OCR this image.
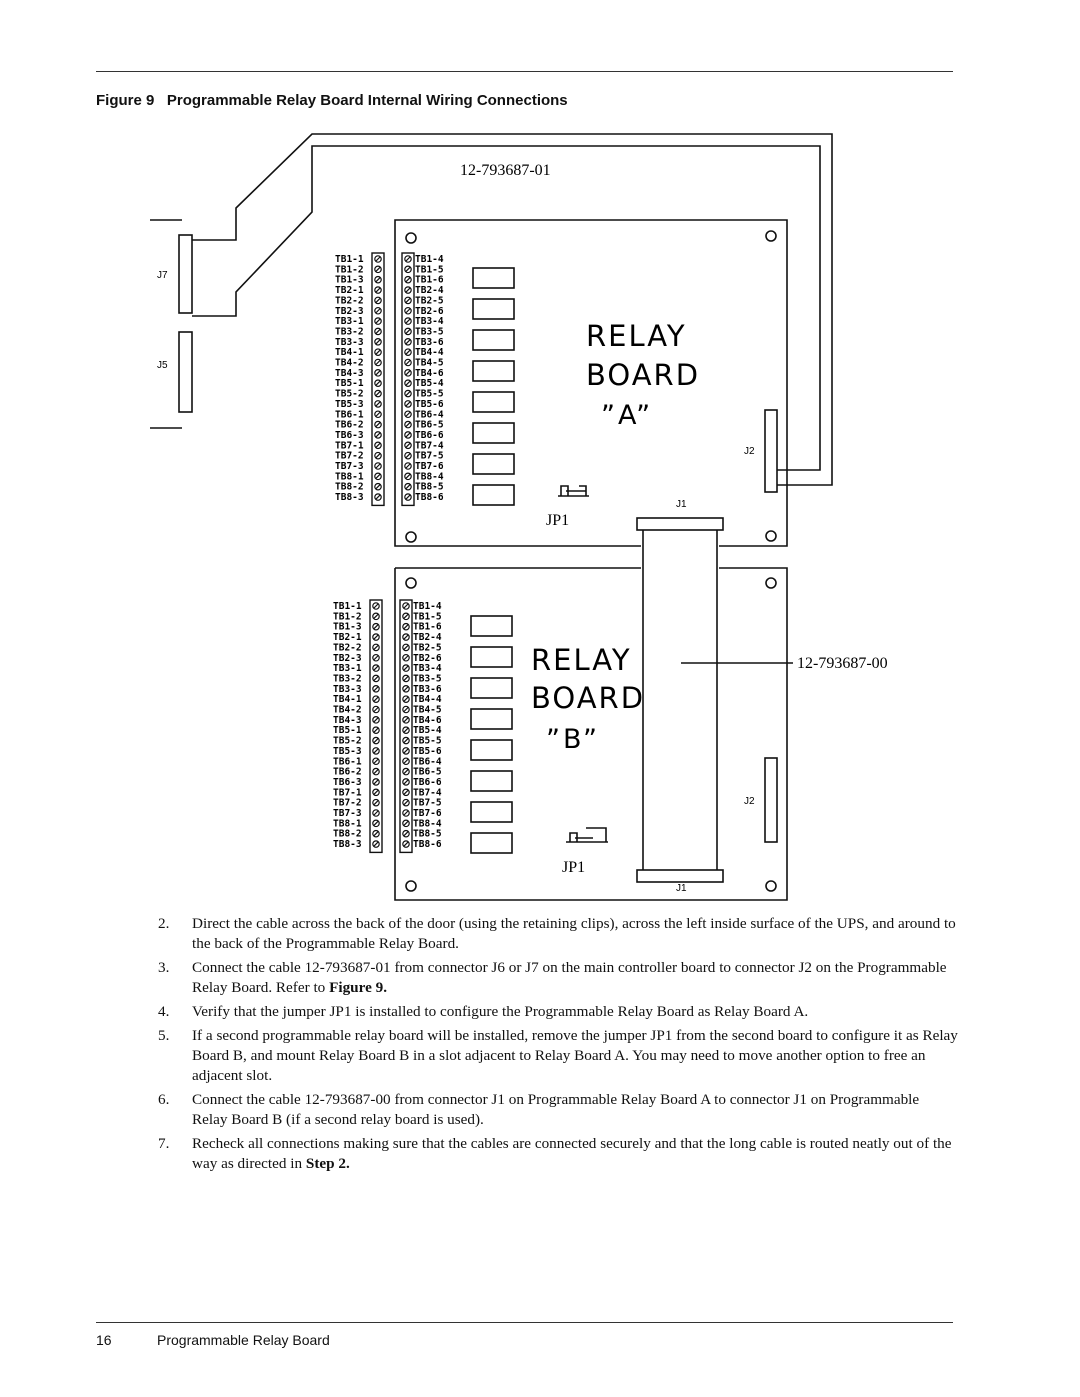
Figure 9 Programmable Relay Board Internal Wiring Connections
TB1-1
TB1-2
TB1-3
TB2-1
TB2-2
TB2-3
TB3-1
TB3-2
TB3-3
TB4-1
TB4-2
TB4-3
TB5-1
TB5-2
TB5-3
TB6-1
TB6-2
TB6-3
TB7-1
TB7-2
TB7-3
TB8-1
TB8-2
TB8-3
TB1-4
TB1-5
TB1-6
TB2-4
TB2-5
TB2-6
TB3-4
TB3-5
TB3-6
TB4-4
TB4-5
TB4-6
TB5-4
TB5-5
TB5-6
TB6-4
TB6-5
TB6-6
TB7-4
TB7-5
TB7-6
TB8-4
TB8-5
TB8-6
TB1-1
TB1-2
TB1-3
TB2-1
TB2-2
TB2-3
TB3-1
TB3-2
TB3-3
TB4-1
TB4-2
TB4-3
TB5-1
TB5-2
TB5-3
TB6-1
TB6-2
TB6-3
TB7-1
TB7-2
TB7-3
TB8-1
TB8-2
TB8-3
TB1-4
TB1-5
TB1-6
TB2-4
TB2-5
TB2-6
TB3-4
TB3-5
TB3-6
TB4-4
TB4-5
TB4-6
TB5-4
TB5-5
TB5-6
TB6-4
TB6-5
TB6-6
TB7-4
TB7-5
TB7-6
TB8-4
TB8-5
TB8-6
12-793687-01
12-793687-00
J7
J5
RELAY
BOARD
”A”
J2
J1
JP1
RELAY
BOARD
”B”
J2
J1
JP1
2. Direct the cable across the back of the door (using the retaining clips), across the left inside surface of the UPS, and around to the back of the Programmable Relay Board.
3. Connect the cable 12-793687-01 from connector J6 or J7 on the main controller board to connector J2 on the Programmable Relay Board. Refer to Figure 9.
4. Verify that the jumper JP1 is installed to configure the Programmable Relay Board as Relay Board A.
5. If a second programmable relay board will be installed, remove the jumper JP1 from the second board to configure it as Relay Board B, and mount Relay Board B in a slot adjacent to Relay Board A. You may need to move another option to free an adjacent slot.
6. Connect the cable 12-793687-00 from connector J1 on Programmable Relay Board A to connector J1 on Programmable Relay Board B (if a second relay board is used).
7. Recheck all connections making sure that the cables are connected securely and that the long cable is routed neatly out of the way as directed in Step 2.
16	Programmable Relay Board
